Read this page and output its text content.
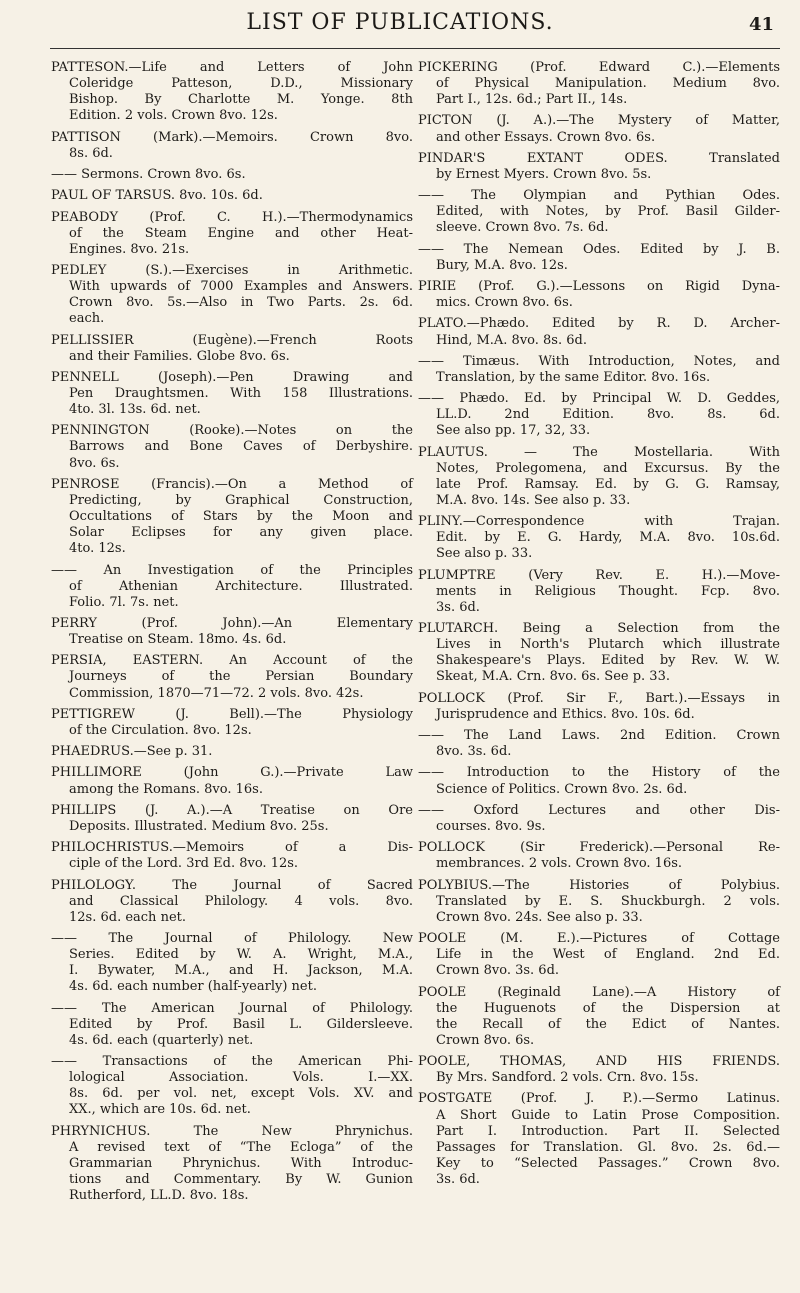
LIST OF PUBLICATIONS.	41
PATTESON.—Life and Letters of John
Coleridge Patteson, D.D., Missionary
Bishop. By Charlotte M. Yonge. 8th
Edition. 2 vols. Crown 8vo. 12s.
PATTISON (Mark).—Memoirs. Crown 8vo.
8s. 6d.
—— Sermons. Crown 8vo. 6s.
PAUL OF TARSUS. 8vo. 10s. 6d.
PEABODY (Prof. C. H.).—Thermodynamics
of the Steam Engine and other Heat-
Engines. 8vo. 21s.
PEDLEY (S.).—Exercises in Arithmetic.
With upwards of 7000 Examples and Answers.
Crown 8vo. 5s.—Also in Two Parts. 2s. 6d.
each.
PELLISSIER (Eugène).—French Roots
and their Families. Globe 8vo. 6s.
PENNELL (Joseph).—Pen Drawing and
Pen Draughtsmen. With 158 Illustrations.
4to. 3l. 13s. 6d. net.
PENNINGTON (Rooke).—Notes on the
Barrows and Bone Caves of Derbyshire.
8vo. 6s.
PENROSE (Francis).—On a Method of
Predicting, by Graphical Construction,
Occultations of Stars by the Moon and
Solar Eclipses for any given place.
4to. 12s.
—— An Investigation of the Principles
of Athenian Architecture. Illustrated.
Folio. 7l. 7s. net.
PERRY (Prof. John).—An Elementary
Treatise on Steam. 18mo. 4s. 6d.
PERSIA, EASTERN. An Account of the
Journeys of the Persian Boundary
Commission, 1870—71—72. 2 vols. 8vo. 42s.
PETTIGREW (J. Bell).—The Physiology
of the Circulation. 8vo. 12s.
PHAEDRUS.—See p. 31.
PHILLIMORE (John G.).—Private Law
among the Romans. 8vo. 16s.
PHILLIPS (J. A.).—A Treatise on Ore
Deposits. Illustrated. Medium 8vo. 25s.
PHILOCHRISTUS.—Memoirs of a Dis-
ciple of the Lord. 3rd Ed. 8vo. 12s.
PHILOLOGY. The Journal of Sacred
and Classical Philology. 4 vols. 8vo.
12s. 6d. each net.
—— The Journal of Philology. New
Series. Edited by W. A. Wright, M.A.,
I. Bywater, M.A., and H. Jackson, M.A.
4s. 6d. each number (half-yearly) net.
—— The American Journal of Philology.
Edited by Prof. Basil L. Gildersleeve.
4s. 6d. each (quarterly) net.
—— Transactions of the American Phi-
lological Association. Vols. I.—XX.
8s. 6d. per vol. net, except Vols. XV. and
XX., which are 10s. 6d. net.
PHRYNICHUS. The New Phrynichus.
A revised text of “The Ecloga” of the
Grammarian Phrynichus. With Introduc-
tions and Commentary. By W. Gunion
Rutherford, LL.D. 8vo. 18s.
PICKERING (Prof. Edward C.).—Elements
of Physical Manipulation. Medium 8vo.
Part I., 12s. 6d.; Part II., 14s.
PICTON (J. A.).—The Mystery of Matter,
and other Essays. Crown 8vo. 6s.
PINDAR'S EXTANT ODES. Translated
by Ernest Myers. Crown 8vo. 5s.
—— The Olympian and Pythian Odes.
Edited, with Notes, by Prof. Basil Gilder-
sleeve. Crown 8vo. 7s. 6d.
—— The Nemean Odes. Edited by J. B.
Bury, M.A. 8vo. 12s.
PIRIE (Prof. G.).—Lessons on Rigid Dyna-
mics. Crown 8vo. 6s.
PLATO.—Phædo. Edited by R. D. Archer-
Hind, M.A. 8vo. 8s. 6d.
—— Timæus. With Introduction, Notes, and
Translation, by the same Editor. 8vo. 16s.
—— Phædo. Ed. by Principal W. D. Geddes,
LL.D. 2nd Edition. 8vo. 8s. 6d.
See also pp. 17, 32, 33.
PLAUTUS. — The Mostellaria. With
Notes, Prolegomena, and Excursus. By the
late Prof. Ramsay. Ed. by G. G. Ramsay,
M.A. 8vo. 14s. See also p. 33.
PLINY.—Correspondence with Trajan.
Edit. by E. G. Hardy, M.A. 8vo. 10s.6d.
See also p. 33.
PLUMPTRE (Very Rev. E. H.).—Move-
ments in Religious Thought. Fcp. 8vo.
3s. 6d.
PLUTARCH. Being a Selection from the
Lives in North's Plutarch which illustrate
Shakespeare's Plays. Edited by Rev. W. W.
Skeat, M.A. Crn. 8vo. 6s. See p. 33.
POLLOCK (Prof. Sir F., Bart.).—Essays in
Jurisprudence and Ethics. 8vo. 10s. 6d.
—— The Land Laws. 2nd Edition. Crown
8vo. 3s. 6d.
—— Introduction to the History of the
Science of Politics. Crown 8vo. 2s. 6d.
—— Oxford Lectures and other Dis-
courses. 8vo. 9s.
POLLOCK (Sir Frederick).—Personal Re-
membrances. 2 vols. Crown 8vo. 16s.
POLYBIUS.—The Histories of Polybius.
Translated by E. S. Shuckburgh. 2 vols.
Crown 8vo. 24s. See also p. 33.
POOLE (M. E.).—Pictures of Cottage
Life in the West of England. 2nd Ed.
Crown 8vo. 3s. 6d.
POOLE (Reginald Lane).—A History of
the Huguenots of the Dispersion at
the Recall of the Edict of Nantes.
Crown 8vo. 6s.
POOLE, THOMAS, AND HIS FRIENDS.
By Mrs. Sandford. 2 vols. Crn. 8vo. 15s.
POSTGATE (Prof. J. P.).—Sermo Latinus.
A Short Guide to Latin Prose Composition.
Part I. Introduction. Part II. Selected
Passages for Translation. Gl. 8vo. 2s. 6d.—
Key to “Selected Passages.” Crown 8vo.
3s. 6d.
